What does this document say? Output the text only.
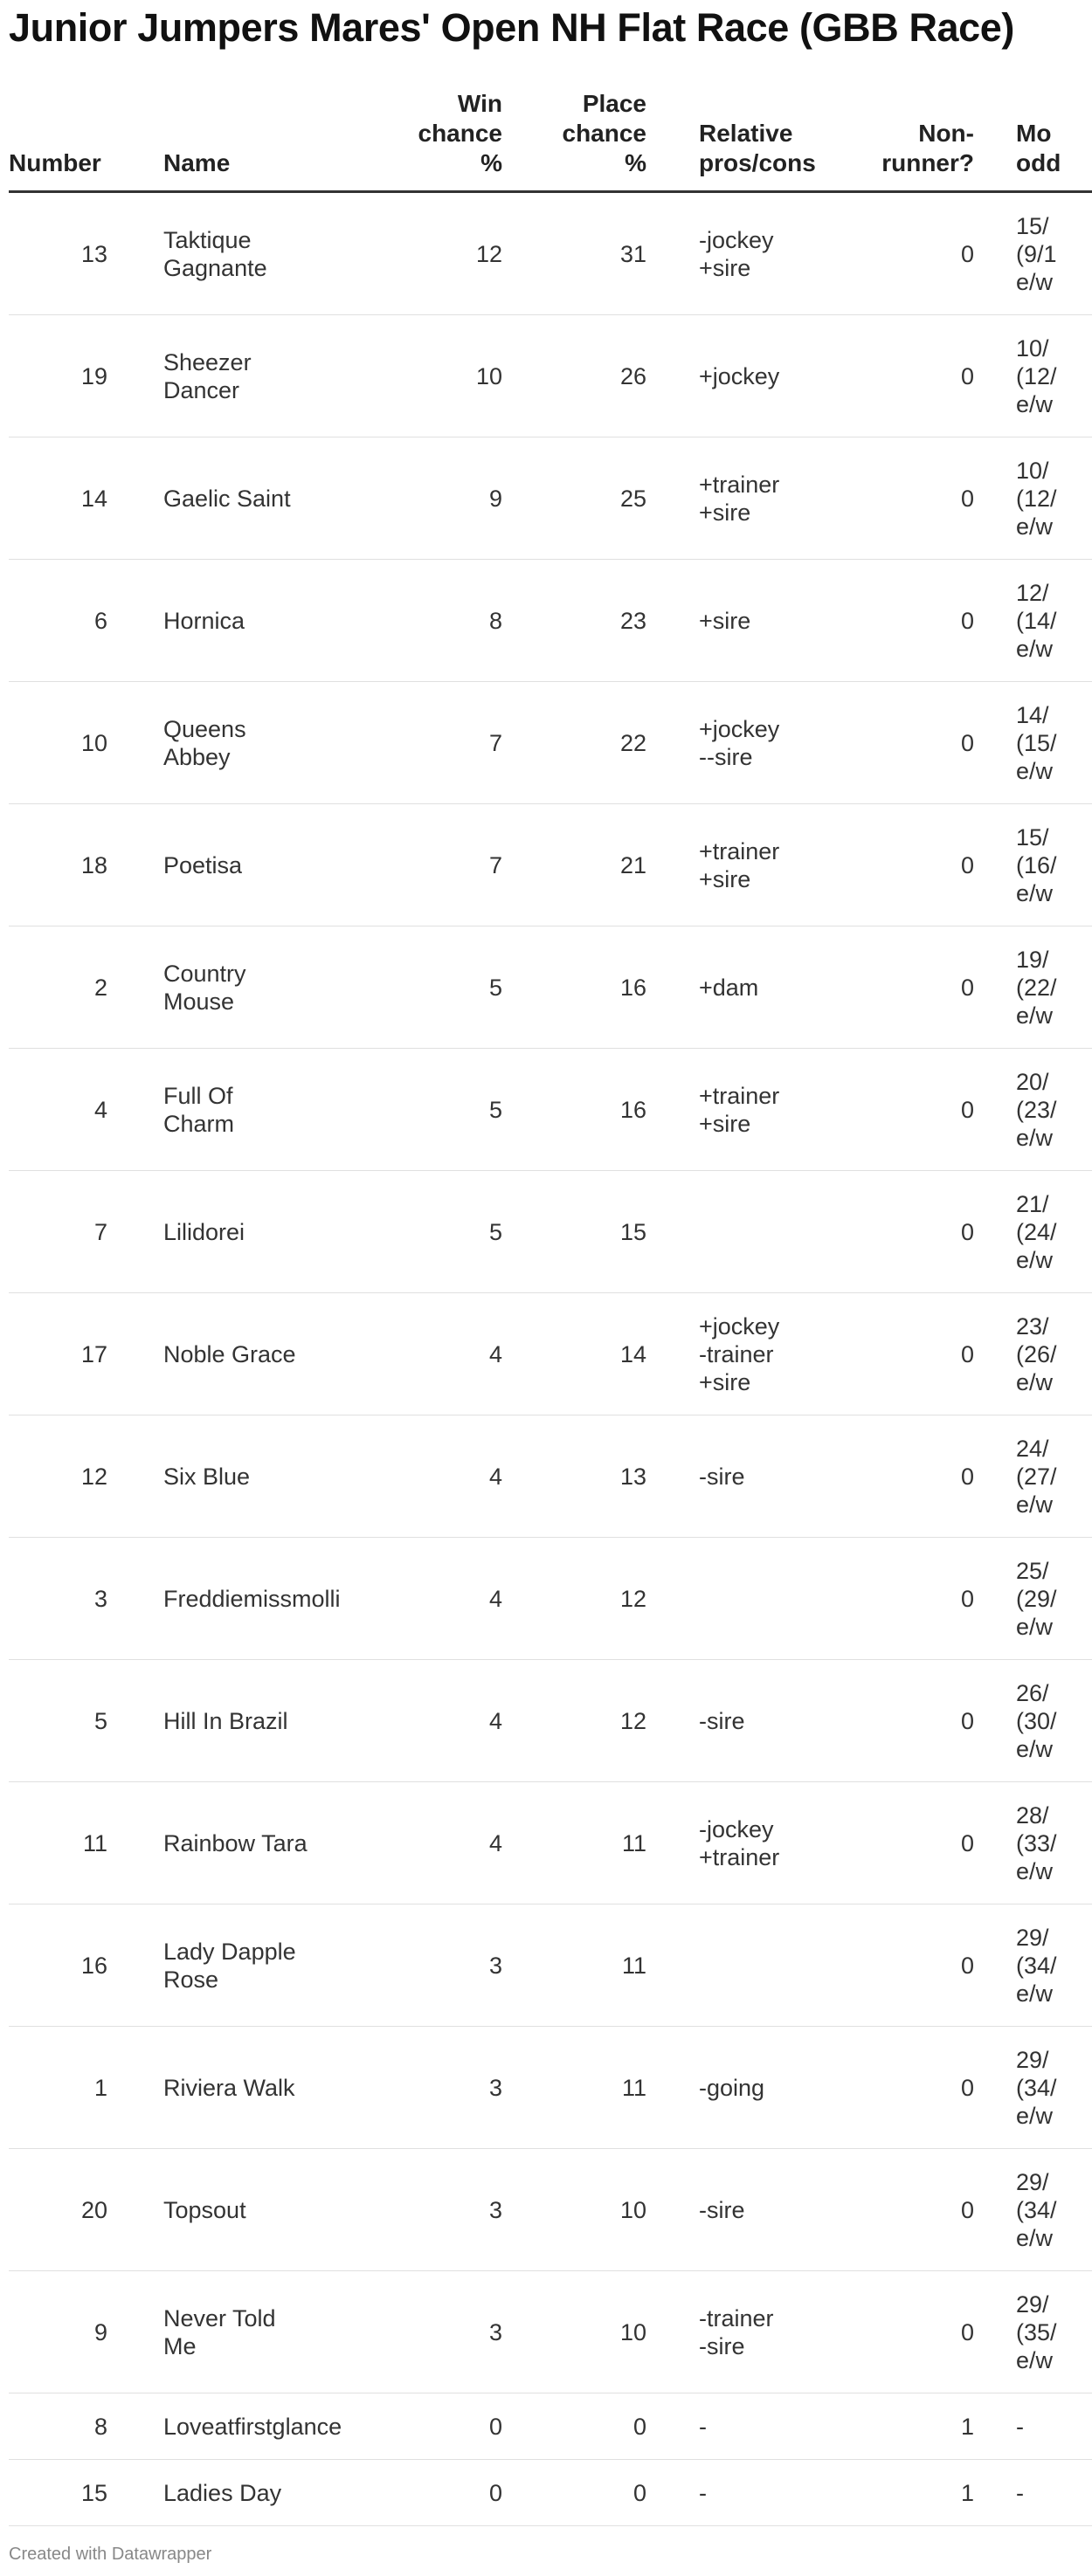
Junior Jumpers Mares' Open NH Flat Race (GBB Race)
Number	Name	Win
chance
%	Place
chance
%	Relative
pros/cons	Non-
runner?	Mo
odd
13	Taktique Gagnante	12	31	-jockey
+sire	0	15/
(9/1
e/w
19	Sheezer Dancer	10	26	+jockey	0	10/
(12/
e/w
14	Gaelic Saint	9	25	+trainer
+sire	0	10/
(12/
e/w
6	Hornica	8	23	+sire	0	12/
(14/
e/w
10	Queens Abbey	7	22	+jockey
--sire	0	14/
(15/
e/w
18	Poetisa	7	21	+trainer
+sire	0	15/
(16/
e/w
2	Country Mouse	5	16	+dam	0	19/
(22/
e/w
4	Full Of Charm	5	16	+trainer
+sire	0	20/
(23/
e/w
7	Lilidorei	5	15		0	21/
(24/
e/w
17	Noble Grace	4	14	+jockey
-trainer
+sire	0	23/
(26/
e/w
12	Six Blue	4	13	-sire	0	24/
(27/
e/w
3	Freddiemissmolli	4	12		0	25/
(29/
e/w
5	Hill In Brazil	4	12	-sire	0	26/
(30/
e/w
11	Rainbow Tara	4	11	-jockey
+trainer	0	28/
(33/
e/w
16	Lady Dapple Rose	3	11		0	29/
(34/
e/w
1	Riviera Walk	3	11	-going	0	29/
(34/
e/w
20	Topsout	3	10	-sire	0	29/
(34/
e/w
9	Never Told Me	3	10	-trainer
-sire	0	29/
(35/
e/w
8	Loveatfirstglance	0	0	-	1	-
15	Ladies Day	0	0	-	1	-
Created with Datawrapper
